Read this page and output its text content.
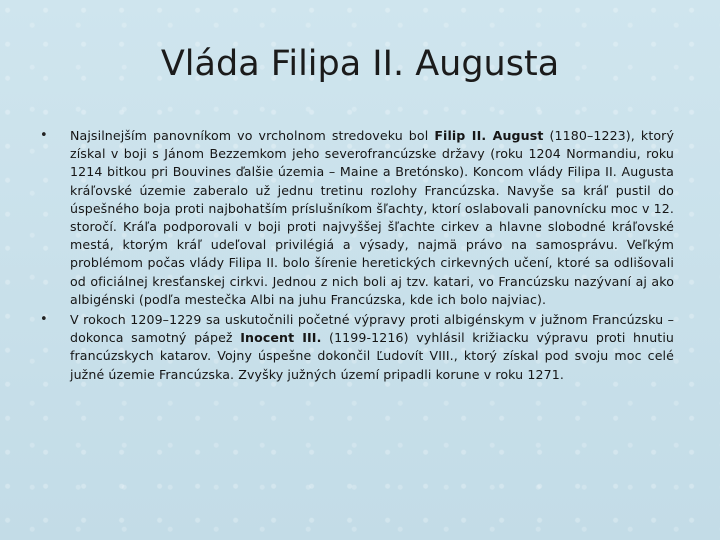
Vláda Filipa II. Augusta
•	Najsilnejším panovníkom vo vrcholnom stredoveku bol Filip II. August (1180–1223), ktorý získal v boji s Jánom Bezzemkom jeho severofrancúzske državy (roku 1204 Normandiu, roku 1214 bitkou pri Bouvines ďalšie územia – Maine a Bretónsko). Koncom vlády Filipa II. Augusta kráľovské územie zaberalo už jednu tretinu rozlohy Francúzska. Navyše sa kráľ pustil do úspešného boja proti najbohatším príslušníkom šľachty, ktorí oslabovali panovnícku moc v 12. storočí. Kráľa podporovali v boji proti najvyššej šľachte cirkev a hlavne slobodné kráľovské mestá, ktorým kráľ udeľoval privilégiá a výsady, najmä právo na samosprávu. Veľkým problémom počas vlády Filipa II. bolo šírenie heretických cirkevných učení, ktoré sa odlišovali od oficiálnej kresťanskej cirkvi. Jednou z nich boli aj tzv. katari, vo Francúzsku nazývaní aj ako albigénski (podľa mestečka Albi na juhu Francúzska, kde ich bolo najviac).
•	V rokoch 1209–1229 sa uskutočnili početné výpravy proti albigénskym v južnom Francúzsku – dokonca samotný pápež Inocent III. (1199-1216) vyhlásil križiacku výpravu proti hnutiu francúzskych katarov. Vojny úspešne dokončil Ľudovít VIII., ktorý získal pod svoju moc celé južné územie Francúzska. Zvyšky južných území pripadli korune v roku 1271.
